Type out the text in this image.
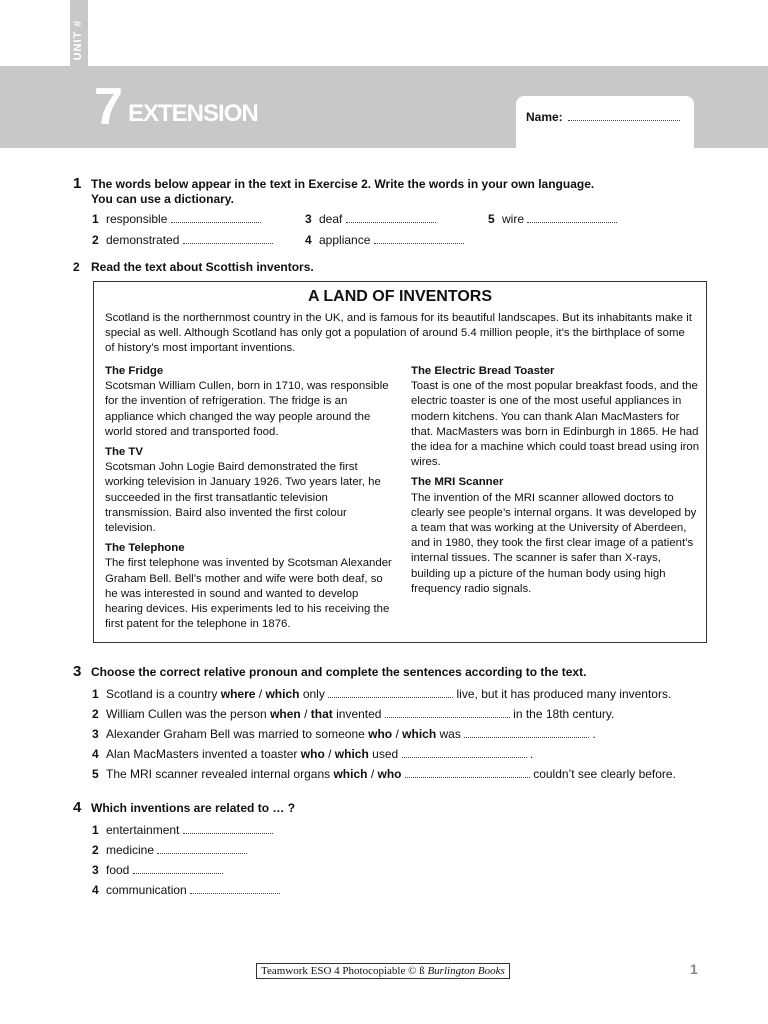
UNIT #
7 EXTENSION	Name:
1 The words below appear in the text in Exercise 2. Write the words in your own language.
You can use a dictionary.
1 responsible
2 demonstrated
3 deaf
4 appliance
5 wire
2 Read the text about Scottish inventors.
A LAND OF INVENTORS
Scotland is the northernmost country in the UK, and is famous for its beautiful landscapes. But its inhabitants make it special as well. Although Scotland has only got a population of around 5.4 million people, it’s the birthplace of some of history’s most important inventions.
The Fridge

Scotsman William Cullen, born in 1710, was responsible for the invention of refrigeration. The fridge is an appliance which changed the way people around the world stored and transported food.

The TV

Scotsman John Logie Baird demonstrated the first working television in January 1926. Two years later, he succeeded in the first transatlantic television transmission. Baird also invented the first colour television.

The Telephone

The first telephone was invented by Scotsman Alexander Graham Bell. Bell’s mother and wife were both deaf, so he was interested in sound and wanted to develop hearing devices. His experiments led to his receiving the first patent for the telephone in 1876.

The Electric Bread Toaster

Toast is one of the most popular breakfast foods, and the electric toaster is one of the most useful appliances in modern kitchens. You can thank Alan MacMasters for that. MacMasters was born in Edinburgh in 1865. He had the idea for a machine which could toast bread using iron wires.

The MRI Scanner

The invention of the MRI scanner allowed doctors to clearly see people’s internal organs. It was developed by a team that was working at the University of Aberdeen, and in 1980, they took the first clear image of a patient’s internal tissues. The scanner is safer than X-rays, building up a picture of the human body using high frequency radio signals.

3 Choose the correct relative pronoun and complete the sentences according to the text.
1 Scotland is a country where / which only	live, but it has produced many inventors.
2 William Cullen was the person when / that invented	in the 18th century.
3 Alexander Graham Bell was married to someone who / which was	.
4 Alan MacMasters invented a toaster who / which used	.
5 The MRI scanner revealed internal organs which / who	couldn’t see clearly before.
4 Which inventions are related to … ?
1 entertainment
2 medicine
3 food
4 communication
Teamwork ESO 4 Photocopiable © ß Burlington Books	1
